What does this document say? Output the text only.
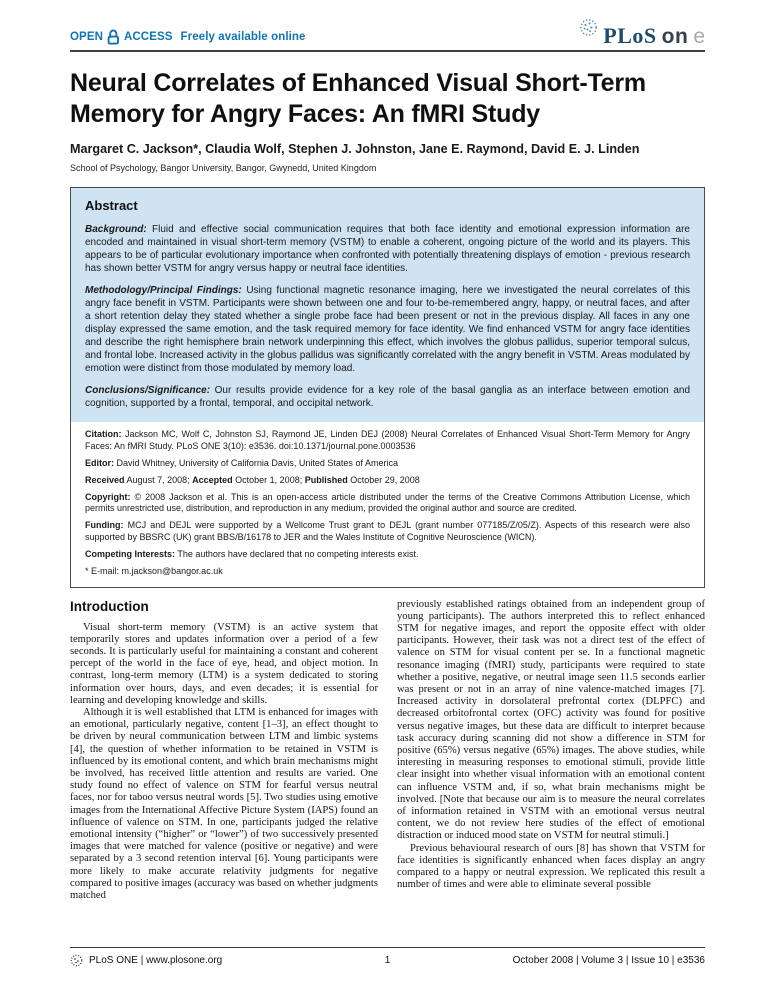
OPEN ACCESS Freely available online	PLoS on e
Neural Correlates of Enhanced Visual Short-Term Memory for Angry Faces: An fMRI Study

Margaret C. Jackson*, Claudia Wolf, Stephen J. Johnston, Jane E. Raymond, David E. J. Linden

School of Psychology, Bangor University, Bangor, Gwynedd, United Kingdom

Abstract

Background: Fluid and effective social communication requires that both face identity and emotional expression information are encoded and maintained in visual short-term memory (VSTM) to enable a coherent, ongoing picture of the world and its players. This appears to be of particular evolutionary importance when confronted with potentially threatening displays of emotion - previous research has shown better VSTM for angry versus happy or neutral face identities.

Methodology/Principal Findings: Using functional magnetic resonance imaging, here we investigated the neural correlates of this angry face benefit in VSTM. Participants were shown between one and four to-be-remembered angry, happy, or neutral faces, and after a short retention delay they stated whether a single probe face had been present or not in the previous display. All faces in any one display expressed the same emotion, and the task required memory for face identity. We find enhanced VSTM for angry face identities and describe the right hemisphere brain network underpinning this effect, which involves the globus pallidus, superior temporal sulcus, and frontal lobe. Increased activity in the globus pallidus was significantly correlated with the angry benefit in VSTM. Areas modulated by emotion were distinct from those modulated by memory load.

Conclusions/Significance: Our results provide evidence for a key role of the basal ganglia as an interface between emotion and cognition, supported by a frontal, temporal, and occipital network.

Citation: Jackson MC, Wolf C, Johnston SJ, Raymond JE, Linden DEJ (2008) Neural Correlates of Enhanced Visual Short-Term Memory for Angry Faces: An fMRI Study. PLoS ONE 3(10): e3536. doi:10.1371/journal.pone.0003536

Editor: David Whitney, University of California Davis, United States of America

Received August 7, 2008; Accepted October 1, 2008; Published October 29, 2008

Copyright: © 2008 Jackson et al. This is an open-access article distributed under the terms of the Creative Commons Attribution License, which permits unrestricted use, distribution, and reproduction in any medium, provided the original author and source are credited.

Funding: MCJ and DEJL were supported by a Wellcome Trust grant to DEJL (grant number 077185/Z/05/Z). Aspects of this research were also supported by BBSRC (UK) grant BBS/B/16178 to JER and the Wales Institute of Cognitive Neuroscience (WICN).

Competing Interests: The authors have declared that no competing interests exist.

* E-mail: m.jackson@bangor.ac.uk

Introduction

Visual short-term memory (VSTM) is an active system that temporarily stores and updates information over a period of a few seconds. It is particularly useful for maintaining a constant and coherent percept of the world in the face of eye, head, and object motion. In contrast, long-term memory (LTM) is a system dedicated to storing information over hours, days, and even decades; it is essential for learning and developing knowledge and skills.

Although it is well established that LTM is enhanced for images with an emotional, particularly negative, content [1–3], an effect thought to be driven by neural communication between LTM and limbic systems [4], the question of whether information to be retained in VSTM is influenced by its emotional content, and which brain mechanisms might be involved, has received little attention and results are varied. One study found no effect of valence on STM for fearful versus neutral faces, nor for taboo versus neutral words [5]. Two studies using emotive images from the International Affective Picture System (IAPS) found an influence of valence on STM. In one, participants judged the relative emotional intensity (“higher” or “lower”) of two successively presented images that were matched for valence (positive or negative) and were separated by a 3 second retention interval [6]. Young participants were more likely to make accurate relativity judgments for negative compared to positive images (accuracy was based on whether judgments matched

previously established ratings obtained from an independent group of young participants). The authors interpreted this to reflect enhanced STM for negative images, and report the opposite effect with older participants. However, their task was not a direct test of the effect of valence on STM for visual content per se. In a functional magnetic resonance imaging (fMRI) study, participants were required to state whether a positive, negative, or neutral image seen 11.5 seconds earlier was present or not in an array of nine valence-matched images [7]. Increased activity in dorsolateral prefrontal cortex (DLPFC) and decreased orbitofrontal cortex (OFC) activity was found for positive versus negative images, but these data are difficult to interpret because task accuracy during scanning did not show a difference in STM for positive (65%) versus negative (65%) images. The above studies, while interesting in measuring responses to emotional stimuli, provide little clear insight into whether visual information with an emotional content can influence VSTM and, if so, what brain mechanisms might be involved. [Note that because our aim is to measure the neural correlates of information retained in VSTM with an emotional versus neutral content, we do not review here studies of the effect of emotional distraction or induced mood state on VSTM for neutral stimuli.]

Previous behavioural research of ours [8] has shown that VSTM for face identities is significantly enhanced when faces display an angry compared to a happy or neutral expression. We replicated this result a number of times and were able to eliminate several possible

PLoS ONE | www.plosone.org	1	October 2008 | Volume 3 | Issue 10 | e3536
